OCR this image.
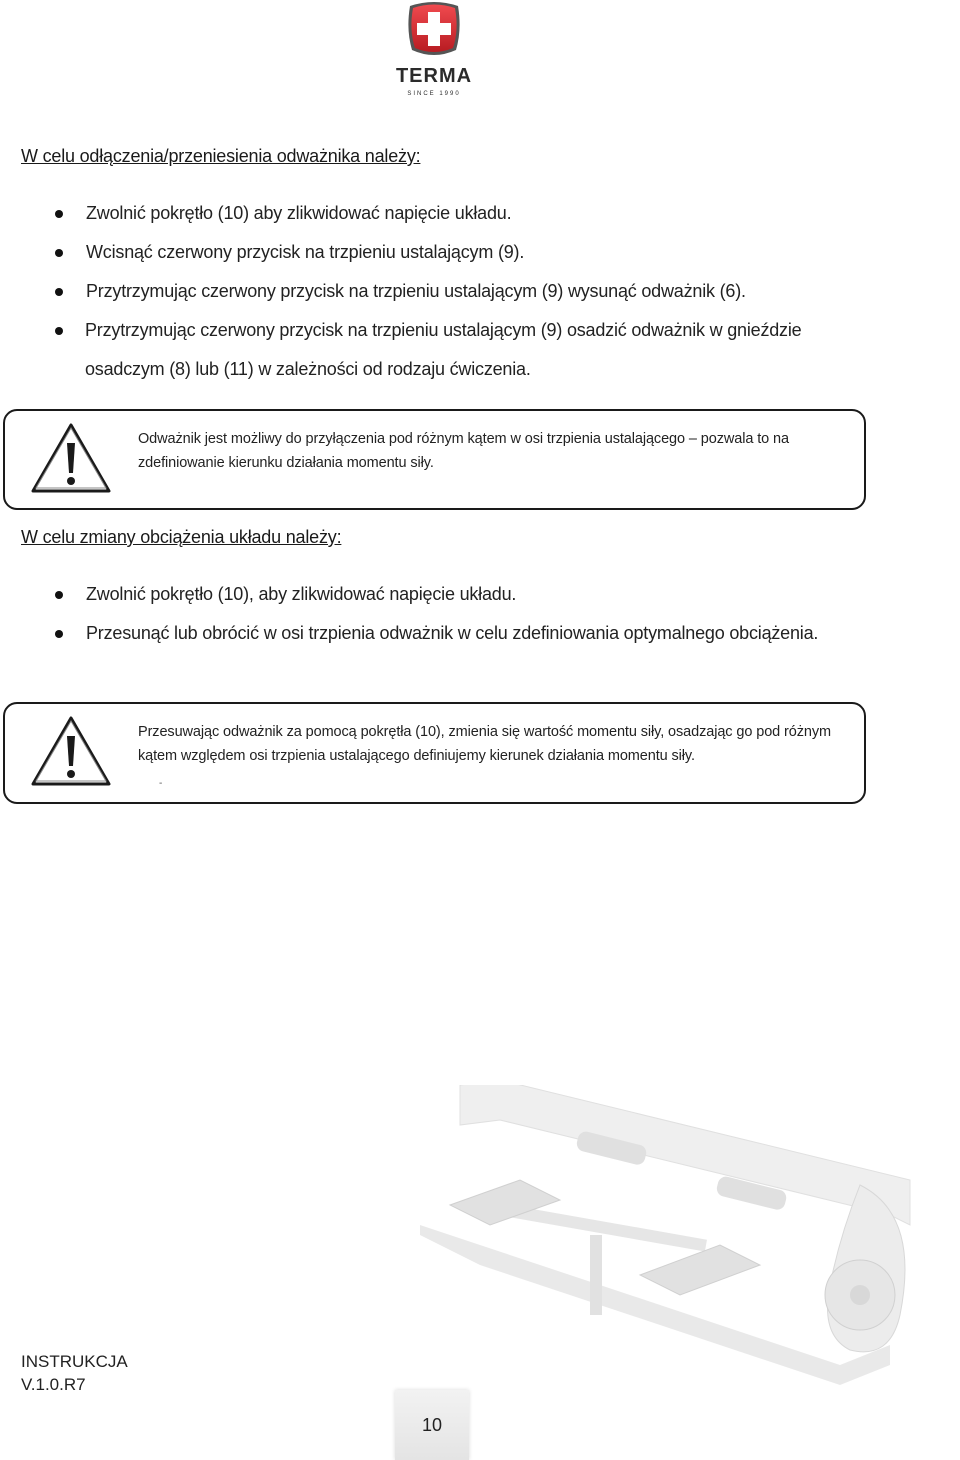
TERMA
SINCE 1990
W celu odłączenia/przeniesienia odważnika należy:
Zwolnić pokrętło (10) aby zlikwidować napięcie układu.
Wcisnąć czerwony przycisk na trzpieniu ustalającym (9).
Przytrzymując czerwony przycisk na trzpieniu ustalającym (9) wysunąć odważnik (6).
Przytrzymując czerwony przycisk na trzpieniu ustalającym (9) osadzić odważnik w gnieździe
osadczym (8) lub (11) w zależności od rodzaju ćwiczenia.
Odważnik jest możliwy do przyłączenia pod różnym kątem w osi trzpienia ustalającego – pozwala to na zdefiniowanie kierunku działania momentu siły.
W celu zmiany obciążenia układu należy:
Zwolnić pokrętło (10), aby zlikwidować napięcie układu.
Przesunąć lub obrócić w osi trzpienia odważnik w celu zdefiniowania optymalnego obciążenia.
Przesuwając odważnik za pomocą pokrętła (10), zmienia się wartość momentu siły, osadzając go pod różnym kątem względem osi trzpienia ustalającego definiujemy kierunek działania momentu siły.
-
INSTRUKCJA
V.1.0.R7
10
